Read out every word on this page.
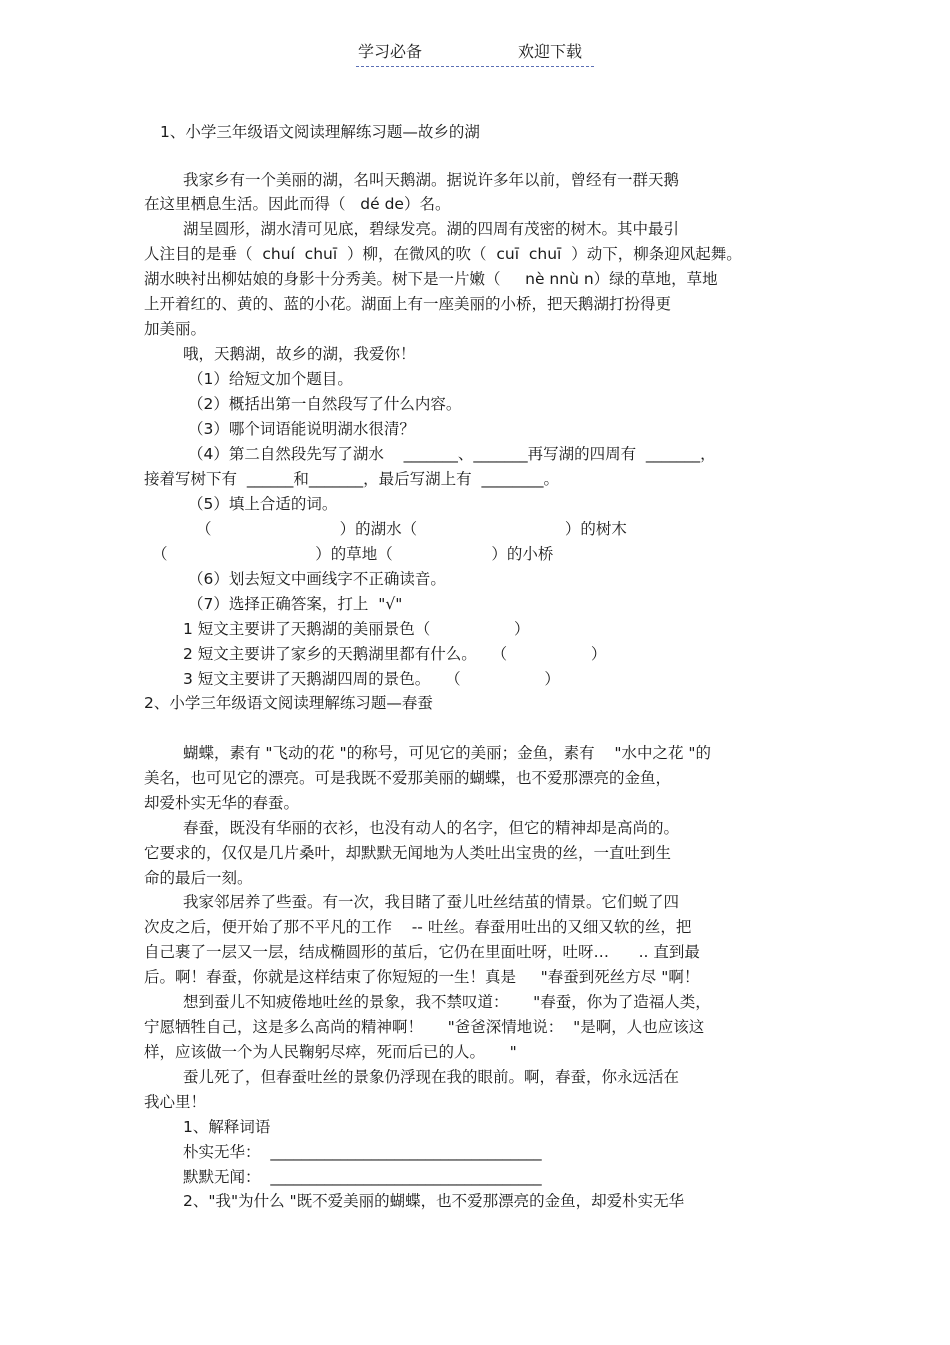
学习必备	欢迎下载
1、小学三年级语文阅读理解练习题—故乡的湖
我家乡有一个美丽的湖，名叫天鹅湖。据说许多年以前，曾经有一群天鹅
在这里栖息生活。因此而得（   dé de）名。
湖呈圆形，湖水清可见底，碧绿发亮。湖的四周有茂密的树木。其中最引
人注目的是垂（  chuí  chuī  ）柳，在微风的吹（  cuī  chuī  ）动下，柳条迎风起舞。
湖水映衬出柳姑娘的身影十分秀美。树下是一片嫩（     nè nnù n）绿的草地，草地
上开着红的、黄的、蓝的小花。湖面上有一座美丽的小桥，把天鹅湖打扮得更
加美丽。
哦，天鹅湖，故乡的湖，我爱你！
（1）给短文加个题目。
（2）概括出第一自然段写了什么内容。
（3）哪个词语能说明湖水很清？
（4）第二自然段先写了湖水    _______、_______再写湖的四周有  _______，
接着写树下有  ______和_______，最后写湖上有  ________。
（5）填上合适的词。
（                          ）的湖水（                              ）的树木
（                              ）的草地（                    ）的小桥
（6）划去短文中画线字不正确读音。
（7）选择正确答案，打上  "√"
1 短文主要讲了天鹅湖的美丽景色（                 ）
2 短文主要讲了家乡的天鹅湖里都有什么。   （                 ）
3 短文主要讲了天鹅湖四周的景色。   （                 ）
2、小学三年级语文阅读理解练习题—春蚕
蝴蝶，素有 "飞动的花 "的称号，可见它的美丽；金鱼，素有    "水中之花 "的
美名，也可见它的漂亮。可是我既不爱那美丽的蝴蝶，也不爱那漂亮的金鱼，
却爱朴实无华的春蚕。
春蚕，既没有华丽的衣衫，也没有动人的名字，但它的精神却是高尚的。
它要求的，仅仅是几片桑叶，却默默无闻地为人类吐出宝贵的丝，一直吐到生
命的最后一刻。
我家邻居养了些蚕。有一次，我目睹了蚕儿吐丝结茧的情景。它们蜕了四
次皮之后，便开始了那不平凡的工作    -- 吐丝。春蚕用吐出的又细又软的丝，把
自己裹了一层又一层，结成椭圆形的茧后，它仍在里面吐呀，吐呀…      .. 直到最
后。啊！春蚕，你就是这样结束了你短短的一生！真是     "春蚕到死丝方尽 "啊！
想到蚕儿不知疲倦地吐丝的景象，我不禁叹道：     "春蚕，你为了造福人类，
宁愿牺牲自己，这是多么高尚的精神啊！     "爸爸深情地说：  "是啊，人也应该这
样，应该做一个为人民鞠躬尽瘁，死而后已的人。     "
蚕儿死了，但春蚕吐丝的景象仍浮现在我的眼前。啊，春蚕，你永远活在
我心里！
1、解释词语
朴实无华：  ___________________________________
默默无闻：  ___________________________________
2、"我"为什么 "既不爱美丽的蝴蝶，也不爱那漂亮的金鱼，却爱朴实无华
